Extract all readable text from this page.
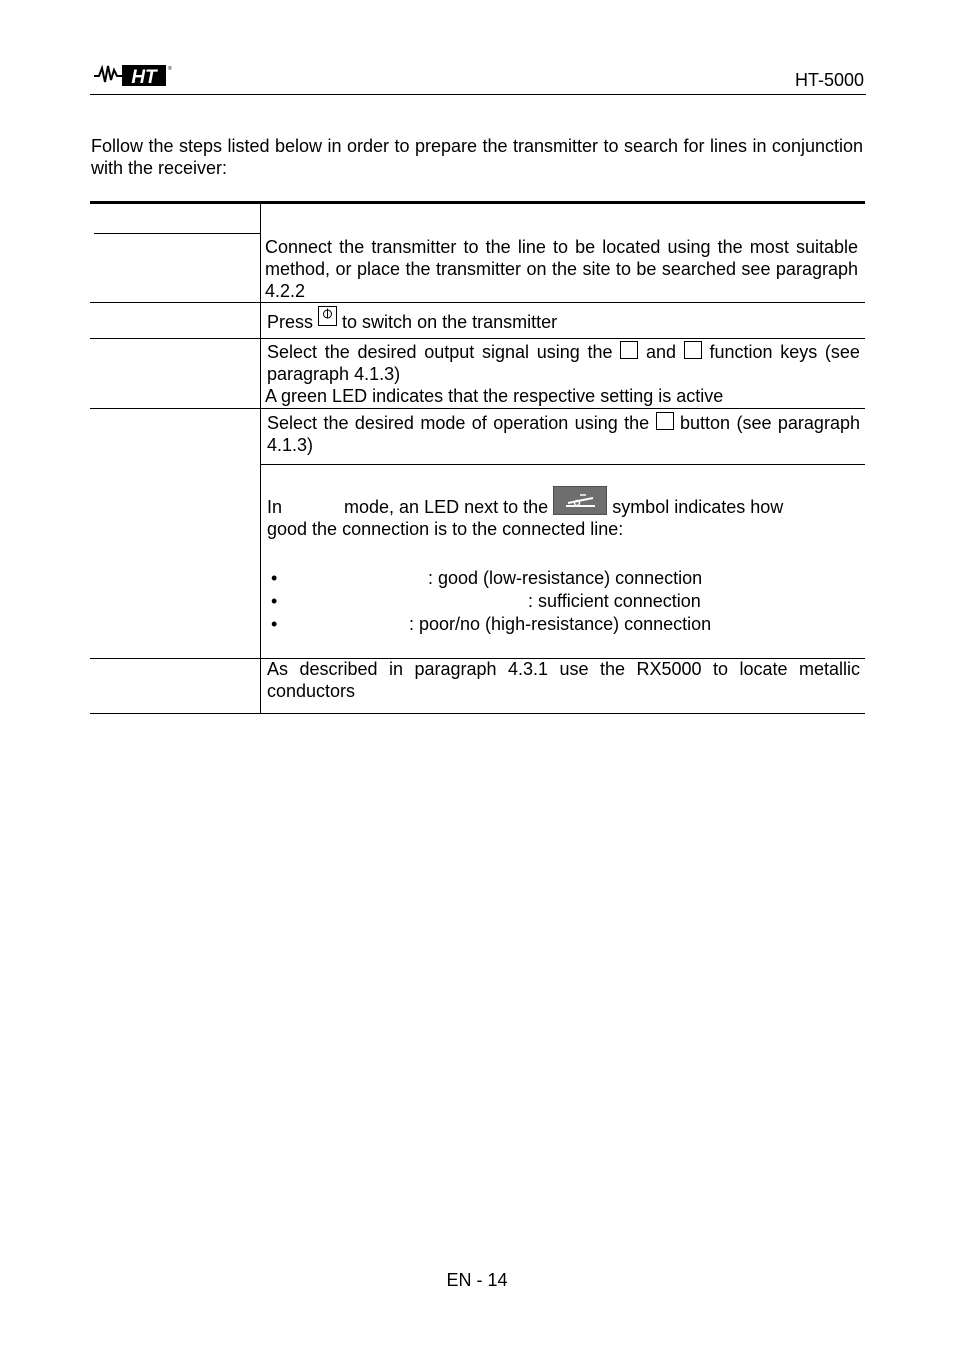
HT ®
HT-5000
Follow the steps listed below in order to prepare the transmitter to search for lines in conjunction with the receiver:
Connect the transmitter to the line to be located using the most suitable method, or place the transmitter on the site to be searched see paragraph 4.2.2
Press to switch on the transmitter
Select the desired output signal using the and function keys (see paragraph 4.1.3)
A green LED indicates that the respective setting is active
Select the desired mode of operation using the button (see paragraph 4.1.3)
In	mode, an LED next to the	symbol indicates how good the connection is to the connected line:
•	: good (low-resistance) connection
•	: sufficient connection
•	: poor/no (high-resistance) connection
As described in paragraph 4.3.1 use the RX5000 to locate metallic conductors
EN - 14
